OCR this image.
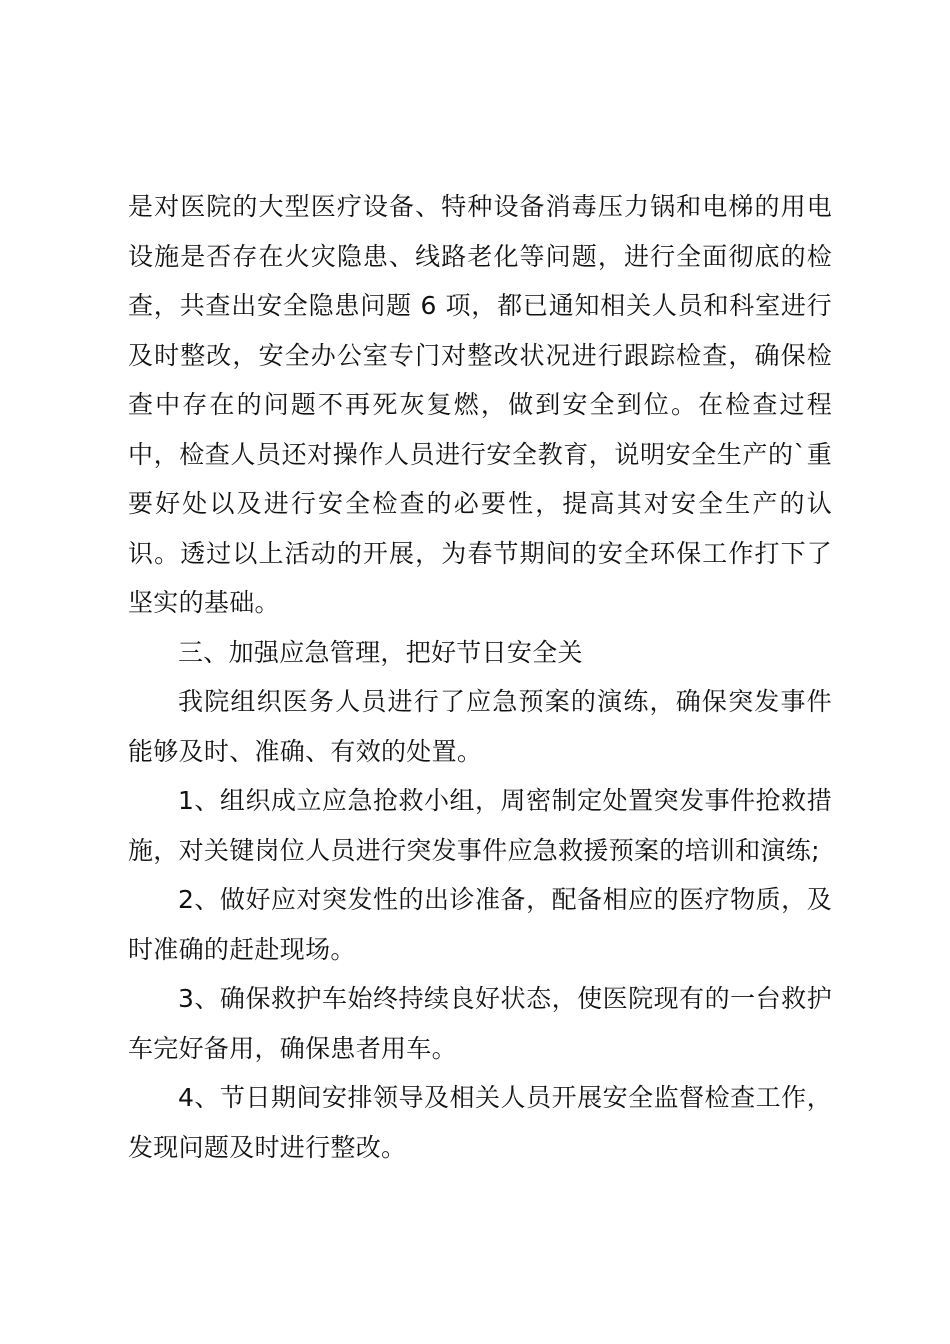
是对医院的大型医疗设备、特种设备消毒压力锅和电梯的用电设施是否存在火灾隐患、线路老化等问题，进行全面彻底的检查，共查出安全隐患问题 6 项，都已通知相关人员和科室进行及时整改，安全办公室专门对整改状况进行跟踪检查，确保检查中存在的问题不再死灰复燃，做到安全到位。在检查过程中，检查人员还对操作人员进行安全教育，说明安全生产的`重要好处以及进行安全检查的必要性，提高其对安全生产的认识。透过以上活动的开展，为春节期间的安全环保工作打下了坚实的基础。

三、加强应急管理，把好节日安全关

我院组织医务人员进行了应急预案的演练，确保突发事件能够及时、准确、有效的处置。

1、组织成立应急抢救小组，周密制定处置突发事件抢救措施，对关键岗位人员进行突发事件应急救援预案的培训和演练;

2、做好应对突发性的出诊准备，配备相应的医疗物质，及时准确的赶赴现场。

3、确保救护车始终持续良好状态，使医院现有的一台救护车完好备用，确保患者用车。

4、节日期间安排领导及相关人员开展安全监督检查工作，发现问题及时进行整改。
